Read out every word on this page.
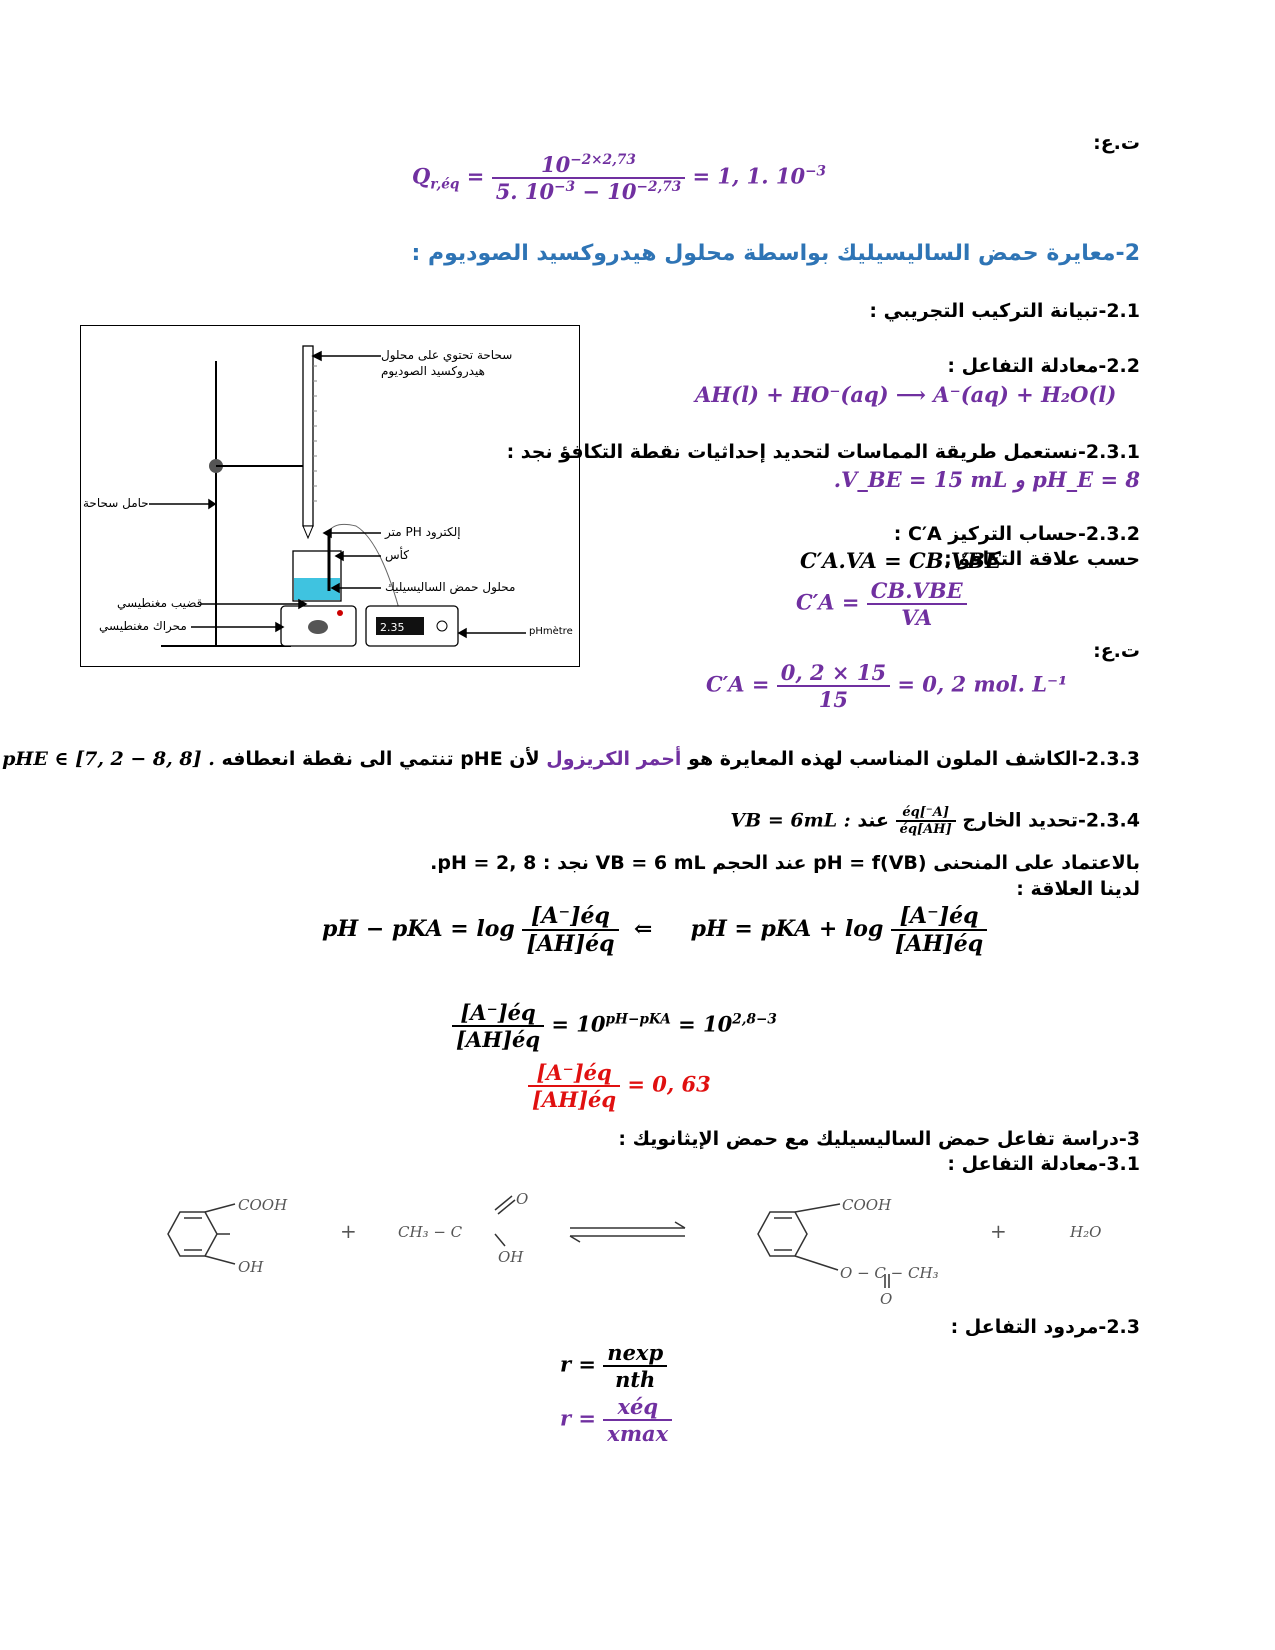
ت.ع:
$Q_{r,éq} = \frac{10^{-2\times 2,73}}{5. 10^{-3} - 10^{-2,73}} = 1$, 1. $10^{-3}$
2-معايرة حمض الساليسيليك بواسطة محلول هيدروكسيد الصوديوم :
2.1-تبيانة التركيب التجريبي :
2.35
سحاحة تحتوي على محلول
هيدروكسيد الصوديوم
حامل سحاحة
إلكترود PH متر
كأس
محلول حمض الساليسيليك
قضيب مغنطيسي
محراك مغنطيسي	pHmètre
2.2-معادلة التفاعل :
AH(l) + HO⁻(aq) ⟶ A⁻(aq) + H₂O(l)
2.3.1-نستعمل طريقة المماسات لتحديد إحداثيات نقطة التكافؤ نجد :
.V_BE = 15 mL و pH_E = 8
2.3.2-حساب التركيز C′A :
حسب علاقة التكافؤ :
C′A.VA = CB.VBE
$C'A = \frac{\text{CB.VBE}}{VA}$
ت.ع:
$C'A = \frac{0, 2 \times 15}{15} = 0$, 2 mol. L⁻¹
2.3.3-الكاشف الملون المناسب لهذه المعايرة هو أحمر الكريزول لأن pHE تنتمي الى نقطة انعطافه . pHE ∈ [7, 2 − 8, 8]
2.3.4-تحديد الخارج
$\frac{[A^-]éq}{[AH]éq}$
عند : VB = 6mL
بالاعتماد على المنحنى pH = f(VB) عند الحجم VB = 6 mL نجد : pH = 2, 8.
لدينا العلاقة :
pH − pKA = $\log \frac{[A^-]éq}{[AH]éq}$ ⇐ pH = pKA + $\log \frac{[A^-]éq}{[AH]éq}$
$\frac{[A^-]éq}{[AH]éq} = 10^{pH-pKA} = 10^{2,8-3}$
$\frac{[A^-]éq}{[AH]éq} = 0$, 63
3-دراسة تفاعل حمض الساليسيليك مع حمض الإيثانويك :
3.1-معادلة التفاعل :
COOH
OH
+	CH₃ − C
O
OH
COOH
O − C − CH₃
O
+	H₂O
2.3-مردود التفاعل :
$r = \frac{nexp}{\text{nth}}$
$r = \frac{\text{xéq}}{xmax}$
